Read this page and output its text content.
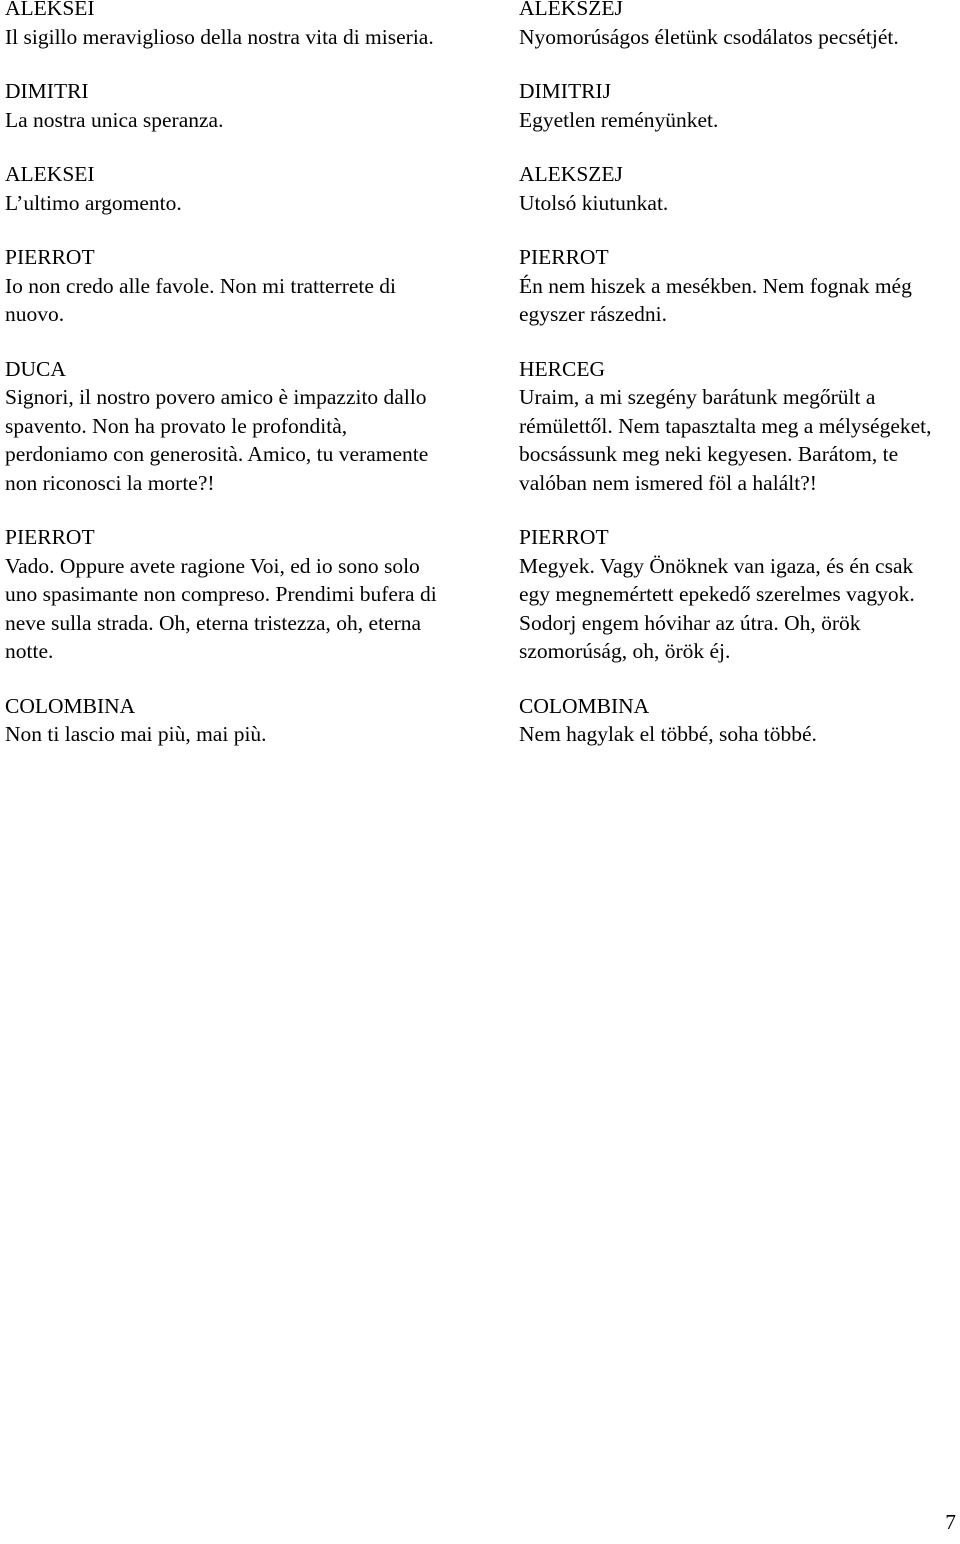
ALEKSEI
Il sigillo meraviglioso della nostra vita di miseria.
DIMITRI
La nostra unica speranza.
ALEKSEI
L’ultimo argomento.
PIERROT
Io non credo alle favole. Non mi tratterrete di nuovo.
DUCA
Signori, il nostro povero amico è impazzito dallo spavento. Non ha provato le profondità, perdoniamo con generosità. Amico, tu veramente non riconosci la morte?!
PIERROT
Vado. Oppure avete ragione Voi, ed io sono solo uno spasimante non compreso. Prendimi bufera di neve sulla strada. Oh, eterna tristezza, oh, eterna notte.
COLOMBINA
Non ti lascio mai più, mai più.
ALEKSZEJ
Nyomorúságos életünk csodálatos pecsétjét.
DIMITRIJ
Egyetlen reményünket.
ALEKSZEJ
Utolsó kiutunkat.
PIERROT
Én nem hiszek a mesékben. Nem fognak még egyszer rászedni.
HERCEG
Uraim, a mi szegény barátunk megőrült a rémülettől. Nem tapasztalta meg a mélységeket, bocsássunk meg neki kegyesen. Barátom, te valóban nem ismered föl a halált?!
PIERROT
Megyek. Vagy Önöknek van igaza, és én csak egy megnemértett epekedő szerelmes vagyok. Sodorj engem hóvihar az útra. Oh, örök szomorúság, oh, örök éj.
COLOMBINA
Nem hagylak el többé, soha többé.
7
